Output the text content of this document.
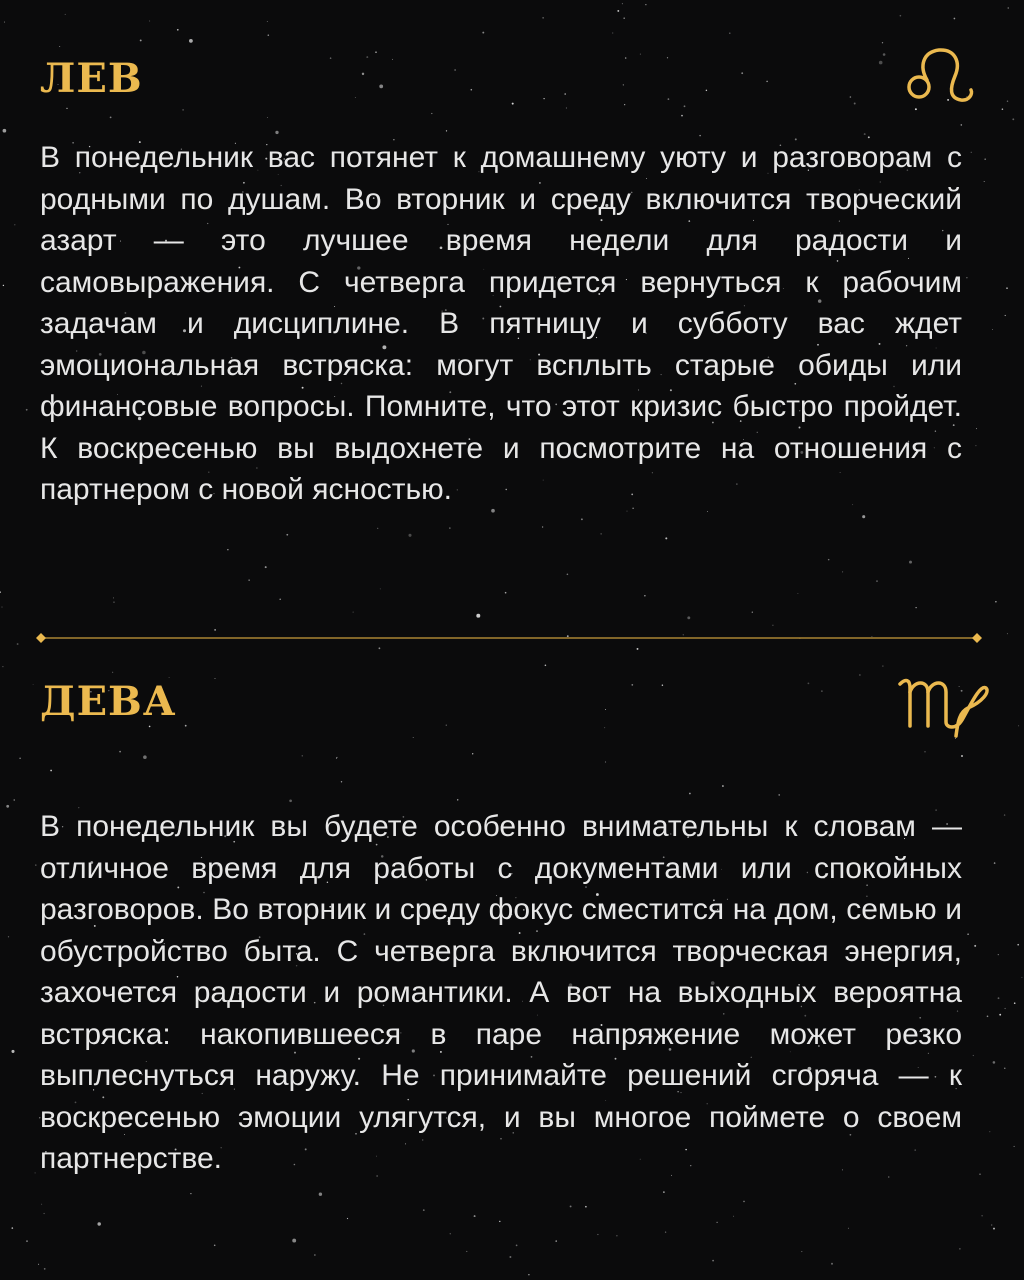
ЛЕВ

В понедельник вас потянет к домашнему уюту и разговорам с родными по душам. Во вторник и среду включится творческий азарт — это лучшее время недели для радости и самовыражения. С четверга придется вернуться к рабочим задачам и дисциплине. В пятницу и субботу вас ждет эмоциональная встряска: могут всплыть старые обиды или финансовые вопросы. Помните, что этот кризис быстро пройдет. К воскресенью вы выдохнете и посмотрите на отношения с партнером с новой ясностью.

ДЕВА

В понедельник вы будете особенно внимательны к словам — отличное время для работы с документами или спокойных разговоров. Во вторник и среду фокус сместится на дом, семью и обустройство быта. С четверга включится творческая энергия, захочется радости и романтики. А вот на выходных вероятна встряска: накопившееся в паре напряжение может резко выплеснуться наружу. Не принимайте решений сгоряча — к воскресенью эмоции улягутся, и вы многое поймете о своем партнерстве.
